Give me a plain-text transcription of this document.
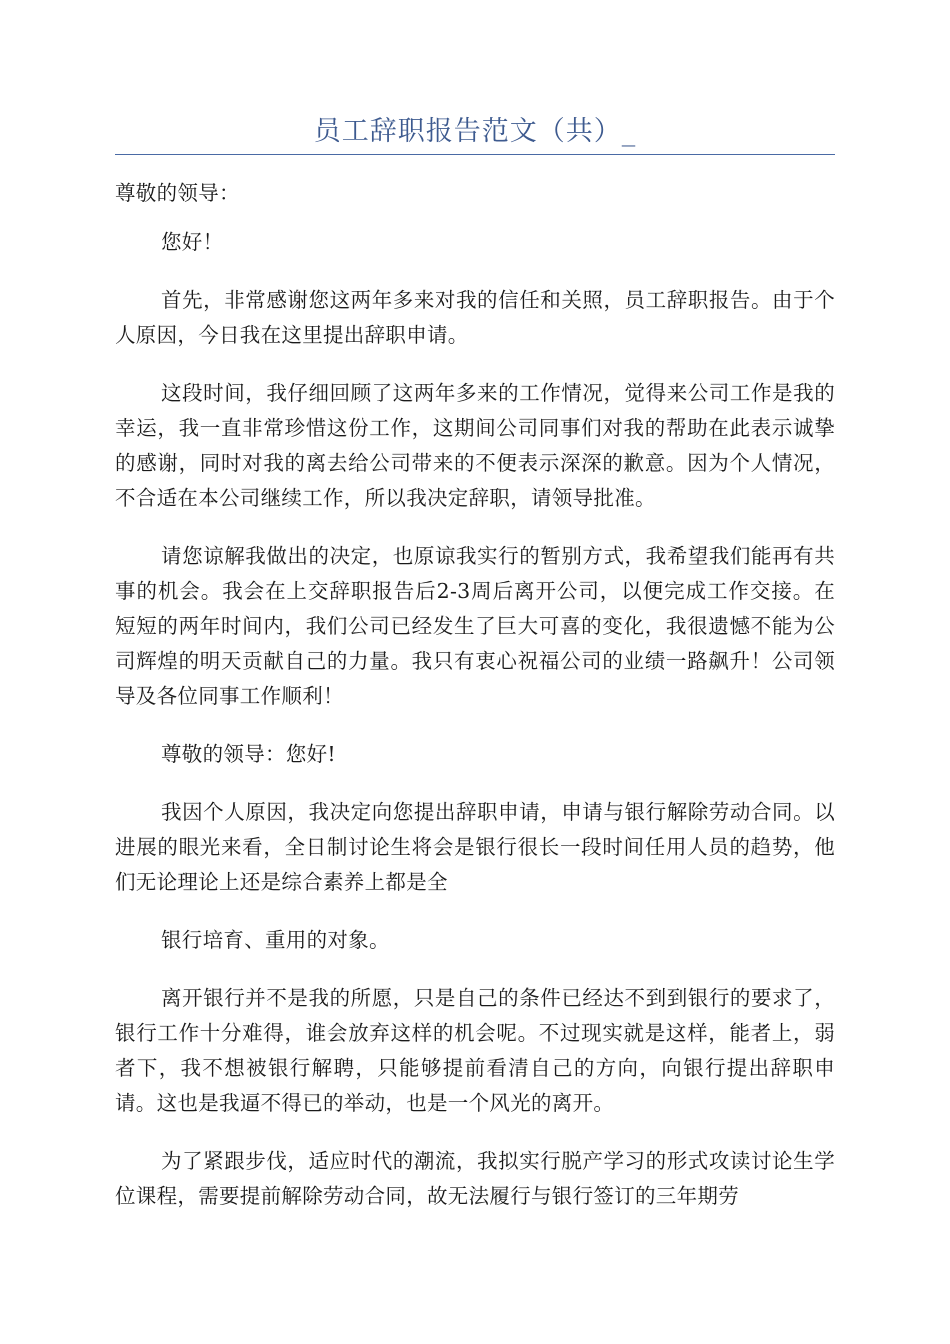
员工辞职报告范文（共）_

尊敬的领导：

您好！

首先，非常感谢您这两年多来对我的信任和关照，员工辞职报告。由于个人原因，今日我在这里提出辞职申请。

这段时间，我仔细回顾了这两年多来的工作情况，觉得来公司工作是我的幸运，我一直非常珍惜这份工作，这期间公司同事们对我的帮助在此表示诚挚的感谢，同时对我的离去给公司带来的不便表示深深的歉意。因为个人情况，不合适在本公司继续工作，所以我决定辞职，请领导批准。

请您谅解我做出的决定，也原谅我实行的暂别方式，我希望我们能再有共事的机会。我会在上交辞职报告后2-3周后离开公司，以便完成工作交接。在短短的两年时间内，我们公司已经发生了巨大可喜的变化，我很遗憾不能为公司辉煌的明天贡献自己的力量。我只有衷心祝福公司的业绩一路飙升！公司领导及各位同事工作顺利！

尊敬的领导：您好!

我因个人原因，我决定向您提出辞职申请，申请与银行解除劳动合同。以进展的眼光来看，全日制讨论生将会是银行很长一段时间任用人员的趋势，他们无论理论上还是综合素养上都是全

银行培育、重用的对象。

离开银行并不是我的所愿，只是自己的条件已经达不到到银行的要求了，银行工作十分难得，谁会放弃这样的机会呢。不过现实就是这样，能者上，弱者下，我不想被银行解聘，只能够提前看清自己的方向，向银行提出辞职申请。这也是我逼不得已的举动，也是一个风光的离开。

为了紧跟步伐，适应时代的潮流，我拟实行脱产学习的形式攻读讨论生学位课程，需要提前解除劳动合同，故无法履行与银行签订的三年期劳
